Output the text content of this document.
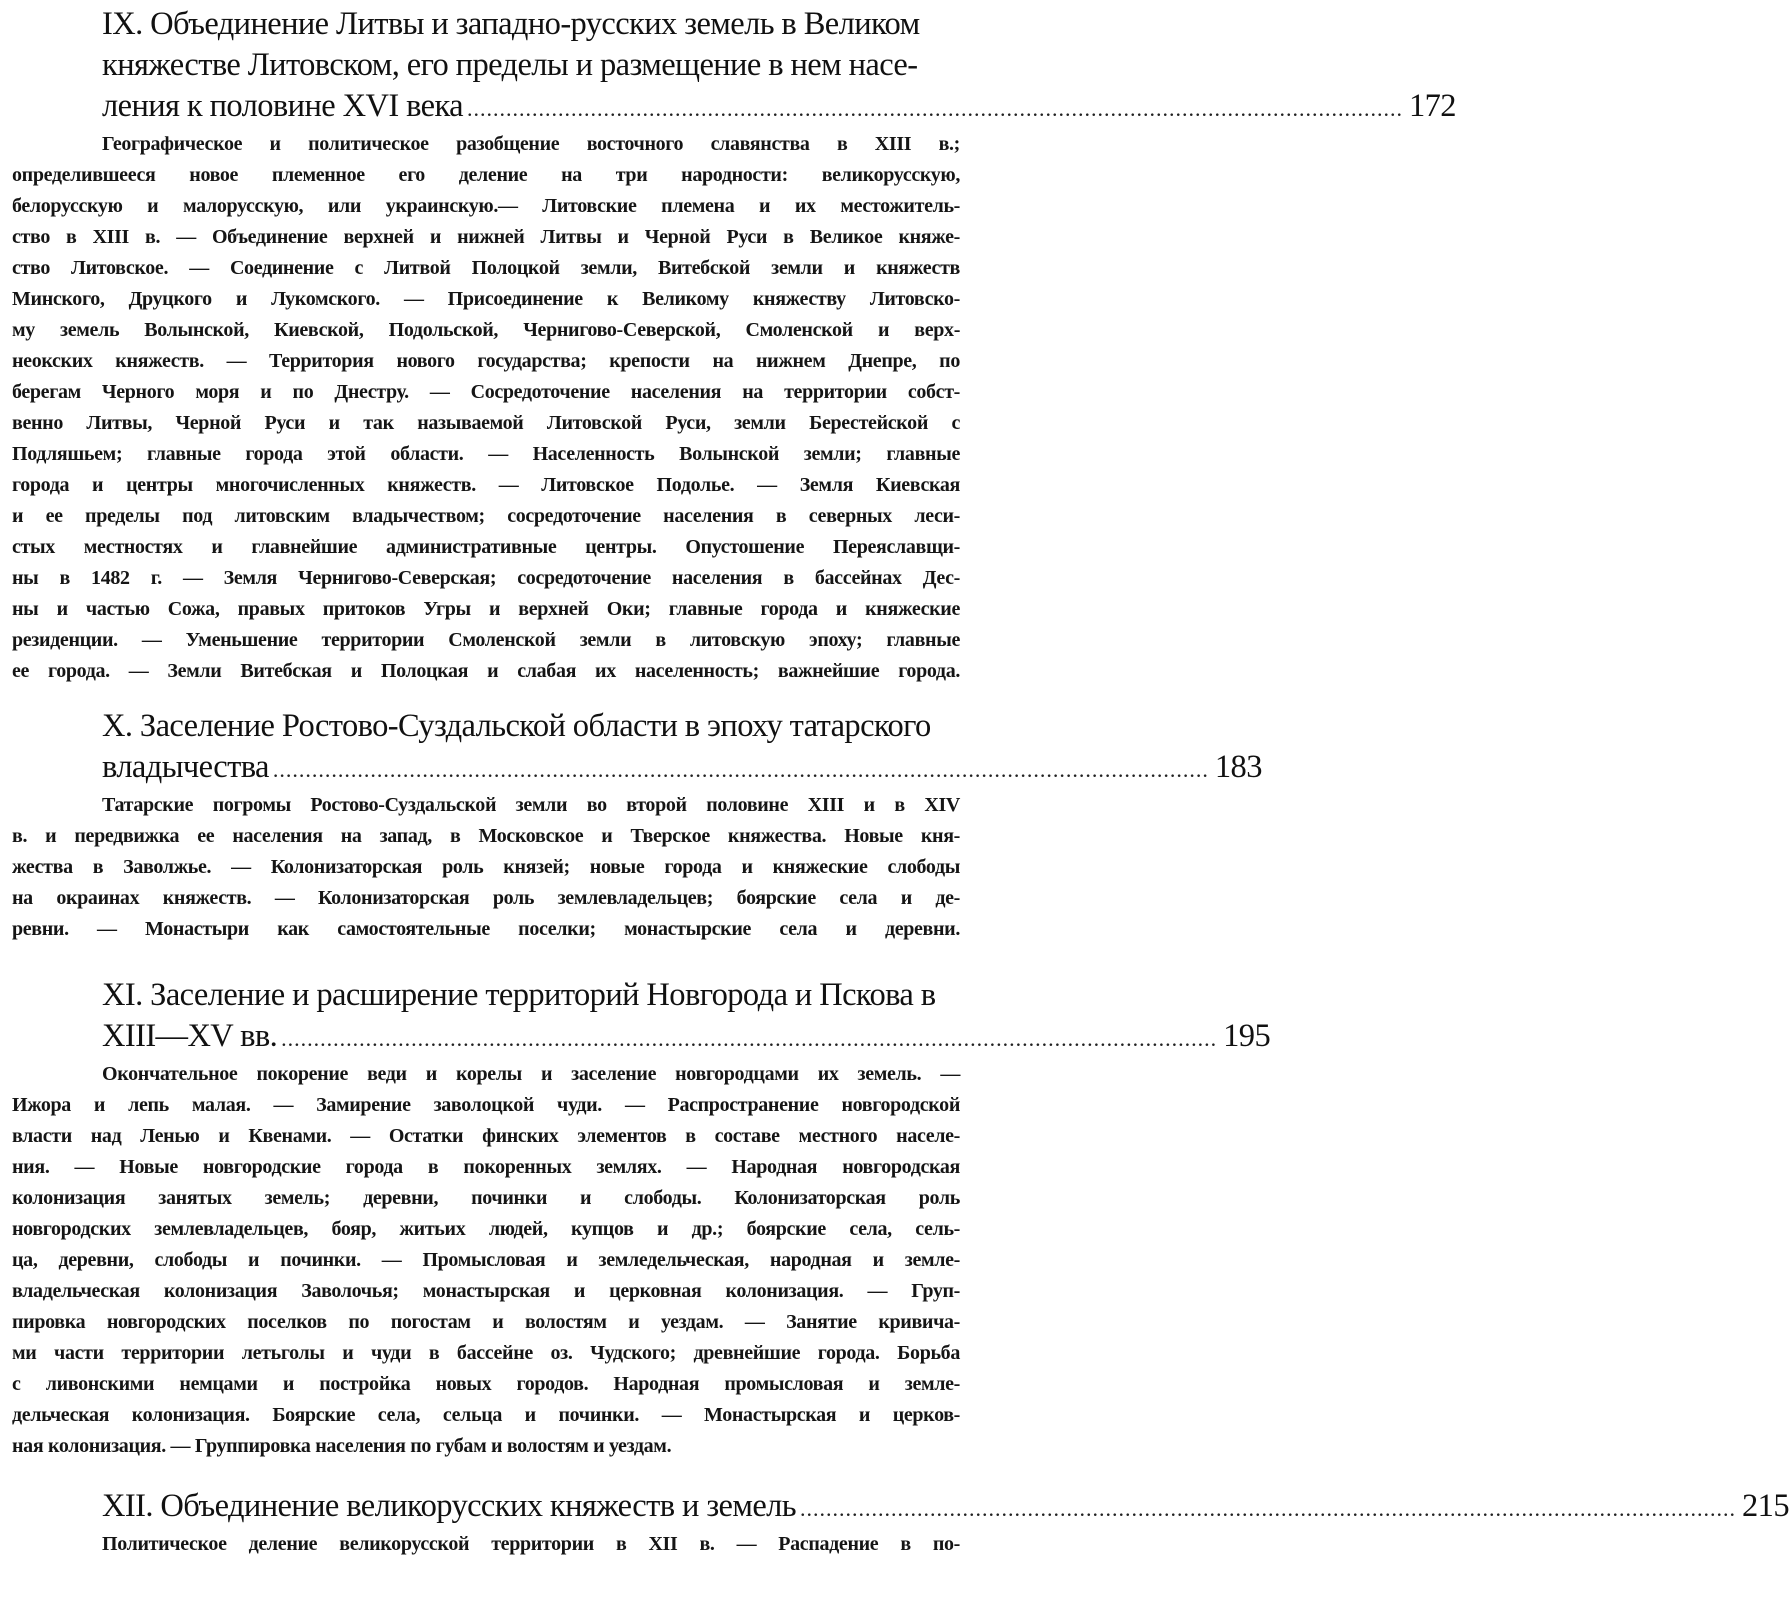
IX. Объединение Литвы и западно-русских земель в Великом
княжестве Литовском, его пределы и размещение в нем насе-
ления к половине XVI века ................................................................................................................................................ 172
Географическое и политическое разобщение восточного славянства в XIII в.;
определившееся новое племенное его деление на три народности: великорусскую,
белорусскую и малорусскую, или украинскую.— Литовские племена и их местожитель-
ство в XIII в. — Объединение верхней и нижней Литвы и Черной Руси в Великое княже-
ство Литовское. — Соединение с Литвой Полоцкой земли, Витебской земли и княжеств
Минского, Друцкого и Лукомского. — Присоединение к Великому княжеству Литовско-
му земель Волынской, Киевской, Подольской, Чернигово-Северской, Смоленской и верх-
неокских княжеств. — Территория нового государства; крепости на нижнем Днепре, по
берегам Черного моря и по Днестру. — Сосредоточение населения на территории собст-
венно Литвы, Черной Руси и так называемой Литовской Руси, земли Берестейской с
Подляшьем; главные города этой области. — Населенность Волынской земли; главные
города и центры многочисленных княжеств. — Литовское Подолье. — Земля Киевская
и ее пределы под литовским владычеством; сосредоточение населения в северных леси-
стых местностях и главнейшие административные центры. Опустошение Переяславщи-
ны в 1482 г. — Земля Чернигово-Северская; сосредоточение населения в бассейнах Дес-
ны и частью Сожа, правых притоков Угры и верхней Оки; главные города и княжеские
резиденции. — Уменьшение территории Смоленской земли в литовскую эпоху; главные
ее города. — Земли Витебская и Полоцкая и слабая их населенность; важнейшие города.
X. Заселение Ростово-Суздальской области в эпоху татарского
владычества ................................................................................................................................................ 183
Татарские погромы Ростово-Суздальской земли во второй половине XIII и в XIV
в. и передвижка ее населения на запад, в Московское и Тверское княжества. Новые кня-
жества в Заволжье. — Колонизаторская роль князей; новые города и княжеские слободы
на окраинах княжеств. — Колонизаторская роль землевладельцев; боярские села и де-
ревни. — Монастыри как самостоятельные поселки; монастырские села и деревни.
XI. Заселение и расширение территорий Новгорода и Пскова в
XIII—XV вв. ................................................................................................................................................ 195
Окончательное покорение веди и корелы и заселение новгородцами их земель. —
Ижора и лепь малая. — Замирение заволоцкой чуди. — Распространение новгородской
власти над Ленью и Квенами. — Остатки финских элементов в составе местного населе-
ния. — Новые новгородские города в покоренных землях. — Народная новгородская
колонизация занятых земель; деревни, починки и слободы. Колонизаторская роль
новгородских землевладельцев, бояр, житьих людей, купцов и др.; боярские села, сель-
ца, деревни, слободы и починки. — Промысловая и земледельческая, народная и земле-
владельческая колонизация Заволочья; монастырская и церковная колонизация. — Груп-
пировка новгородских поселков по погостам и волостям и уездам. — Занятие кривича-
ми части территории летьголы и чуди в бассейне оз. Чудского; древнейшие города. Борьба
с ливонскими немцами и постройка новых городов. Народная промысловая и земле-
дельческая колонизация. Боярские села, сельца и починки. — Монастырская и церков-
ная колонизация. — Группировка населения по губам и волостям и уездам.
XII. Объединение великорусских княжеств и земель ................................................................................................................................................ 215
Политическое деление великорусской территории в XII в. — Распадение в по-
